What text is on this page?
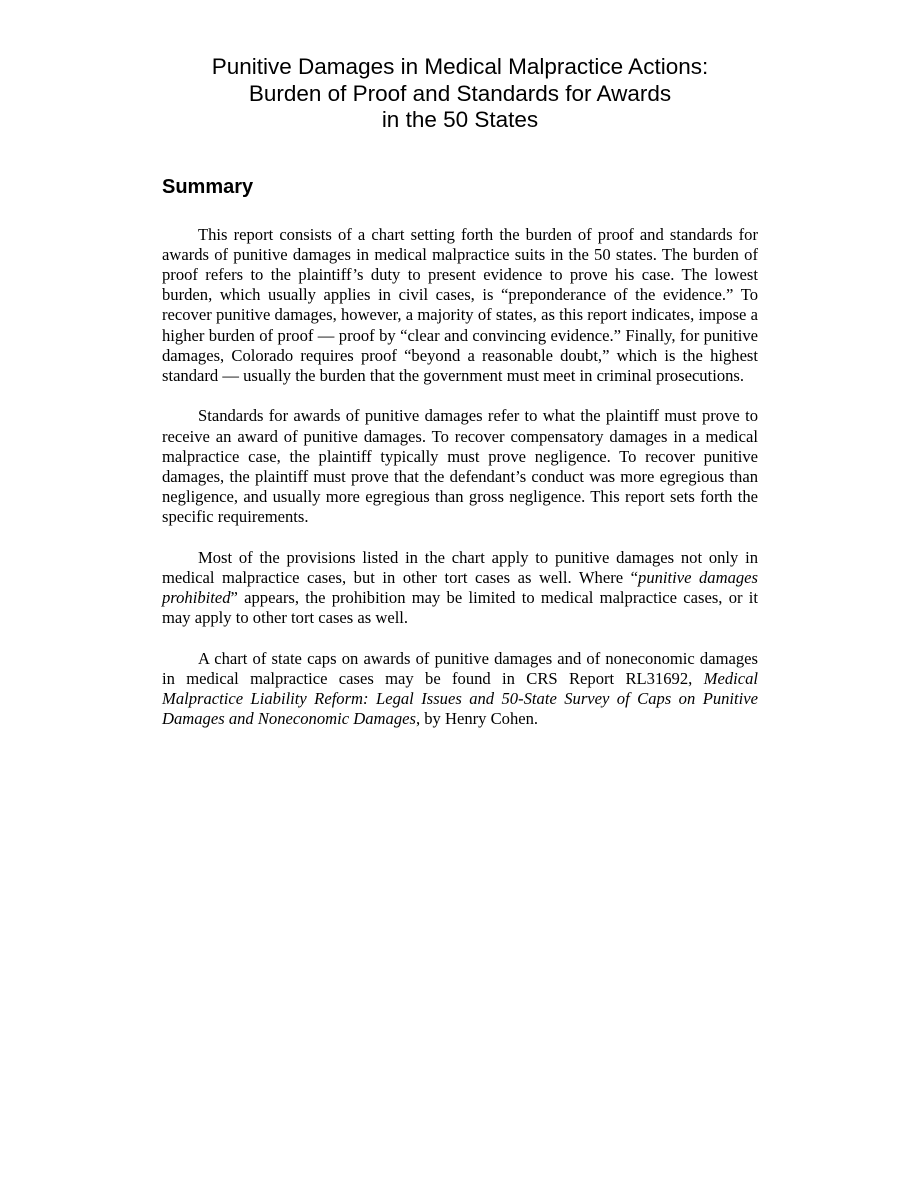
Punitive Damages in Medical Malpractice Actions:
Burden of Proof and Standards for Awards
in the 50 States
Summary

This report consists of a chart setting forth the burden of proof and standards for awards of punitive damages in medical malpractice suits in the 50 states. The burden of proof refers to the plaintiff’s duty to present evidence to prove his case. The lowest burden, which usually applies in civil cases, is “preponderance of the evidence.” To recover punitive damages, however, a majority of states, as this report indicates, impose a higher burden of proof — proof by “clear and convincing evidence.” Finally, for punitive damages, Colorado requires proof “beyond a reasonable doubt,” which is the highest standard — usually the burden that the government must meet in criminal prosecutions.

Standards for awards of punitive damages refer to what the plaintiff must prove to receive an award of punitive damages. To recover compensatory damages in a medical malpractice case, the plaintiff typically must prove negligence. To recover punitive damages, the plaintiff must prove that the defendant’s conduct was more egregious than negligence, and usually more egregious than gross negligence. This report sets forth the specific requirements.

Most of the provisions listed in the chart apply to punitive damages not only in medical malpractice cases, but in other tort cases as well. Where “punitive damages prohibited” appears, the prohibition may be limited to medical malpractice cases, or it may apply to other tort cases as well.

A chart of state caps on awards of punitive damages and of noneconomic damages in medical malpractice cases may be found in CRS Report RL31692, Medical Malpractice Liability Reform: Legal Issues and 50-State Survey of Caps on Punitive Damages and Noneconomic Damages, by Henry Cohen.
